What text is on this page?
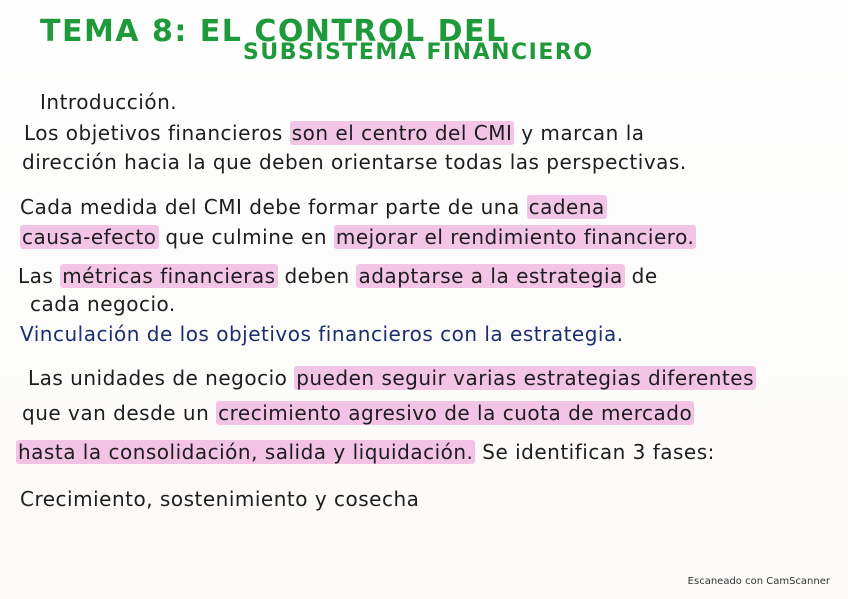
TEMA 8: EL CONTROL DEL
SUBSISTEMA FINANCIERO
Introducción.
Los objetivos financieros son el centro del CMI y marcan la
dirección hacia la que deben orientarse todas las perspectivas.
Cada medida del CMI debe formar parte de una cadena
causa-efecto que culmine en mejorar el rendimiento financiero.
Las métricas financieras deben adaptarse a la estrategia de
cada negocio.
Vinculación de los objetivos financieros con la estrategia.
Las unidades de negocio pueden seguir varias estrategias diferentes
que van desde un crecimiento agresivo de la cuota de mercado
hasta la consolidación, salida y liquidación. Se identifican 3 fases:
Crecimiento, sostenimiento y cosecha
Escaneado con CamScanner
